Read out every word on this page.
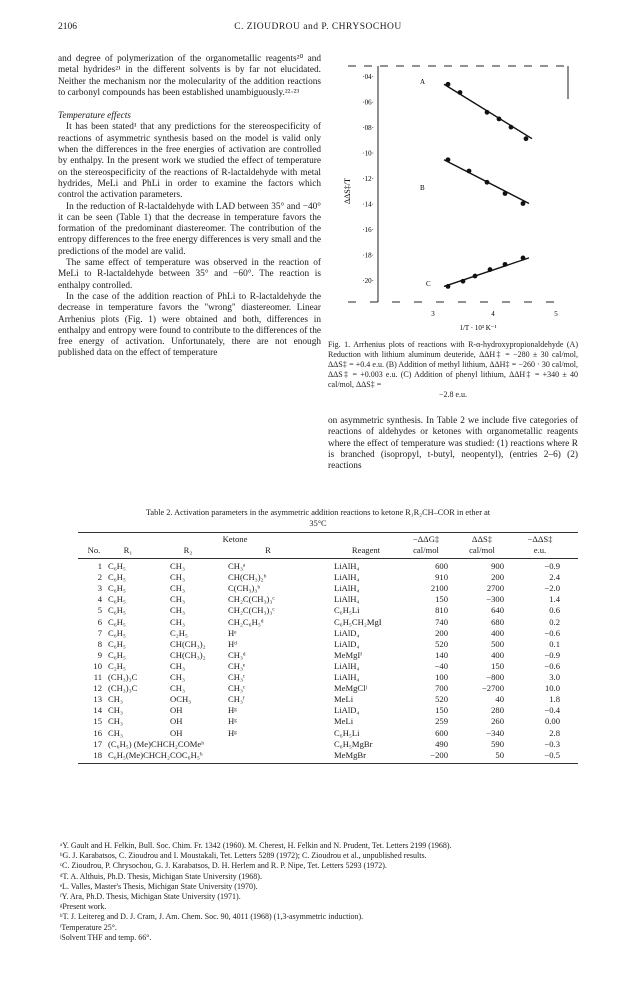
2106	C. ZIOUDROU and P. CHRYSOCHOU

and degree of polymerization of the organometallic reagents²⁰ and metal hydrides²¹ in the different solvents is by far not elucidated. Neither the mechanism nor the molecularity of the addition reactions to carbonyl compounds has been established unambiguously.²²·²³

Temperature effects

It has been stated¹ that any predictions for the stereospecificity of reactions of asymmetric synthesis based on the model is valid only when the differences in the free energies of activation are controlled by enthalpy. In the present work we studied the effect of temperature on the stereospecificity of the reactions of R-lactaldehyde with metal hydrides, MeLi and PhLi in order to examine the factors which control the activation parameters.

In the reduction of R-lactaldehyde with LAD between 35° and −40° it can be seen (Table 1) that the decrease in temperature favors the formation of the predominant diastereomer. The contribution of the entropy differences to the free energy differences is very small and the predictions of the model are valid.

The same effect of temperature was observed in the reaction of MeLi to R-lactaldehyde between 35° and −60°. The reaction is enthalpy controlled.

In the case of the addition reaction of PhLi to R-lactaldehyde the decrease in temperature favors the "wrong" diastereomer. Linear Arrhenius plots (Fig. 1) were obtained and both, differences in enthalpy and entropy were found to contribute to the differences of the free energy of activation. Unfortunately, there are not enough published data on the effect of temperature

·04·
·06·
·08·
·10·
·12·
·14·
·16·
·18·
·20·
3	4	5
A
B
C
ΔΔS‡/T
1/T · 10³ K⁻¹
Fig. 1. Arrhenius plots of reactions with R-α-hydroxypropionaldehyde (A) Reduction with lithium aluminum deuteride, ΔΔH‡ = −280 ± 30 cal/mol, ΔΔS‡ = +0.4 e.u. (B) Addition of methyl lithium, ΔΔH‡ = −260 · 30 cal/mol, ΔΔS‡ = +0.003 e.u. (C) Addition of phenyl lithium, ΔΔH‡ = +340 ± 40 cal/mol, ΔΔS‡ =
−2.8 e.u.

on asymmetric synthesis. In Table 2 we include five categories of reactions of aldehydes or ketones with organometallic reagents where the effect of temperature was studied: (1) reactions where R is branched (isopropyl, t-butyl, neopentyl), (entries 2–6) (2) reactions

Table 2. Activation parameters in the asymmetric addition reactions to ketone R₁R₂CH–COR in ether at
35°C
Ketone
No.	R₁	R₂	R	Reagent
−ΔΔG‡
cal/mol
ΔΔS‡
cal/mol
−ΔΔS‡
e.u.
1 C₆H₅	CH₃	CH₃ᵃ	LiAlH₄	600	900	−0.9
2 C₆H₅	CH₃	CH(CH₃)₂ᵇ	LiAlH₄	910	200	2.4
3 C₆H₅	CH₃	C(CH₃)₃ᵇ	LiAlH₄	2100	2700	−2.0
4 C₆H₅	CH₃	CH₂C(CH₃)₃ᶜ	LiAlH₄	150	−300	1.4
5 C₆H₅	CH₃	CH₂C(CH₃)₃ᶜ	C₆H₅Li	810	640	0.6
6 C₆H₅	CH₃	CH₂C₆H₅ᵈ	C₆H₅CH₂MgI	740	680	0.2
7 C₆H₅	C₂H₅	Hᵉ	LiAlD₄	200	400	−0.6
8 C₆H₅	CH(CH₃)₂	Hᵈ	LiAlD₄	520	500	0.1
9 C₆H₅	CH(CH₃)₂	CH₃ᵈ	MeMgIᶠ	140	400	−0.9
10 C₂H₅	CH₃	CH₃ᵉ	LiAlH₄	−40	150	−0.6
11 (CH₃)₃C	CH₃	CH₃ᶜ	LiAlH₄	100	−800	3.0
12 (CH₃)₃C	CH₃	CH₃ᶜ	MeMgClʲ	700	−2700	10.0
13 CH₃	OCH₃	CH₃ᶠ	MeLi	520	40	1.8
14 CH₃	OH	Hᵍ	LiAlD₄	150	280	−0.4
15 CH₃	OH	Hᵍ	MeLi	259	260	0.00
16 CH₃	OH	Hᵍ	C₆H₅Li	600	−340	2.8
17 (C₆H₅) (Me)CHCH₂COMeʰ	C₆H₅MgBr	490	590	−0.3
18 C₆H₅(Me)CHCH₂COC₆H₅ʰ	MeMgBr	−200	50	−0.5
ᵃY. Gault and H. Felkin, Bull. Soc. Chim. Fr. 1342 (1960). M. Cherest, H. Felkin and N. Prudent, Tet. Letters 2199 (1968).
ᵇG. J. Karabatsos, C. Zioudrou and I. Moustakali, Tet. Letters 5289 (1972); C. Zioudrou et al., unpublished results.
ᶜC. Zioudrou, P. Chrysochou, G. J. Karabatsos, D. H. Herlem and R. P. Nipe, Tet. Letters 5293 (1972).
ᵈT. A. Althuis, Ph.D. Thesis, Michigan State University (1968).
ᵉL. Valles, Master's Thesis, Michigan State University (1970).
ᶠY. Ara, Ph.D. Thesis, Michigan State University (1971).
ᵍPresent work.
ʰT. J. Leitereg and D. J. Cram, J. Am. Chem. Soc. 90, 4011 (1968) (1,3-asymmetric induction).
ⁱTemperature 25°.
ʲSolvent THF and temp. 66°.
